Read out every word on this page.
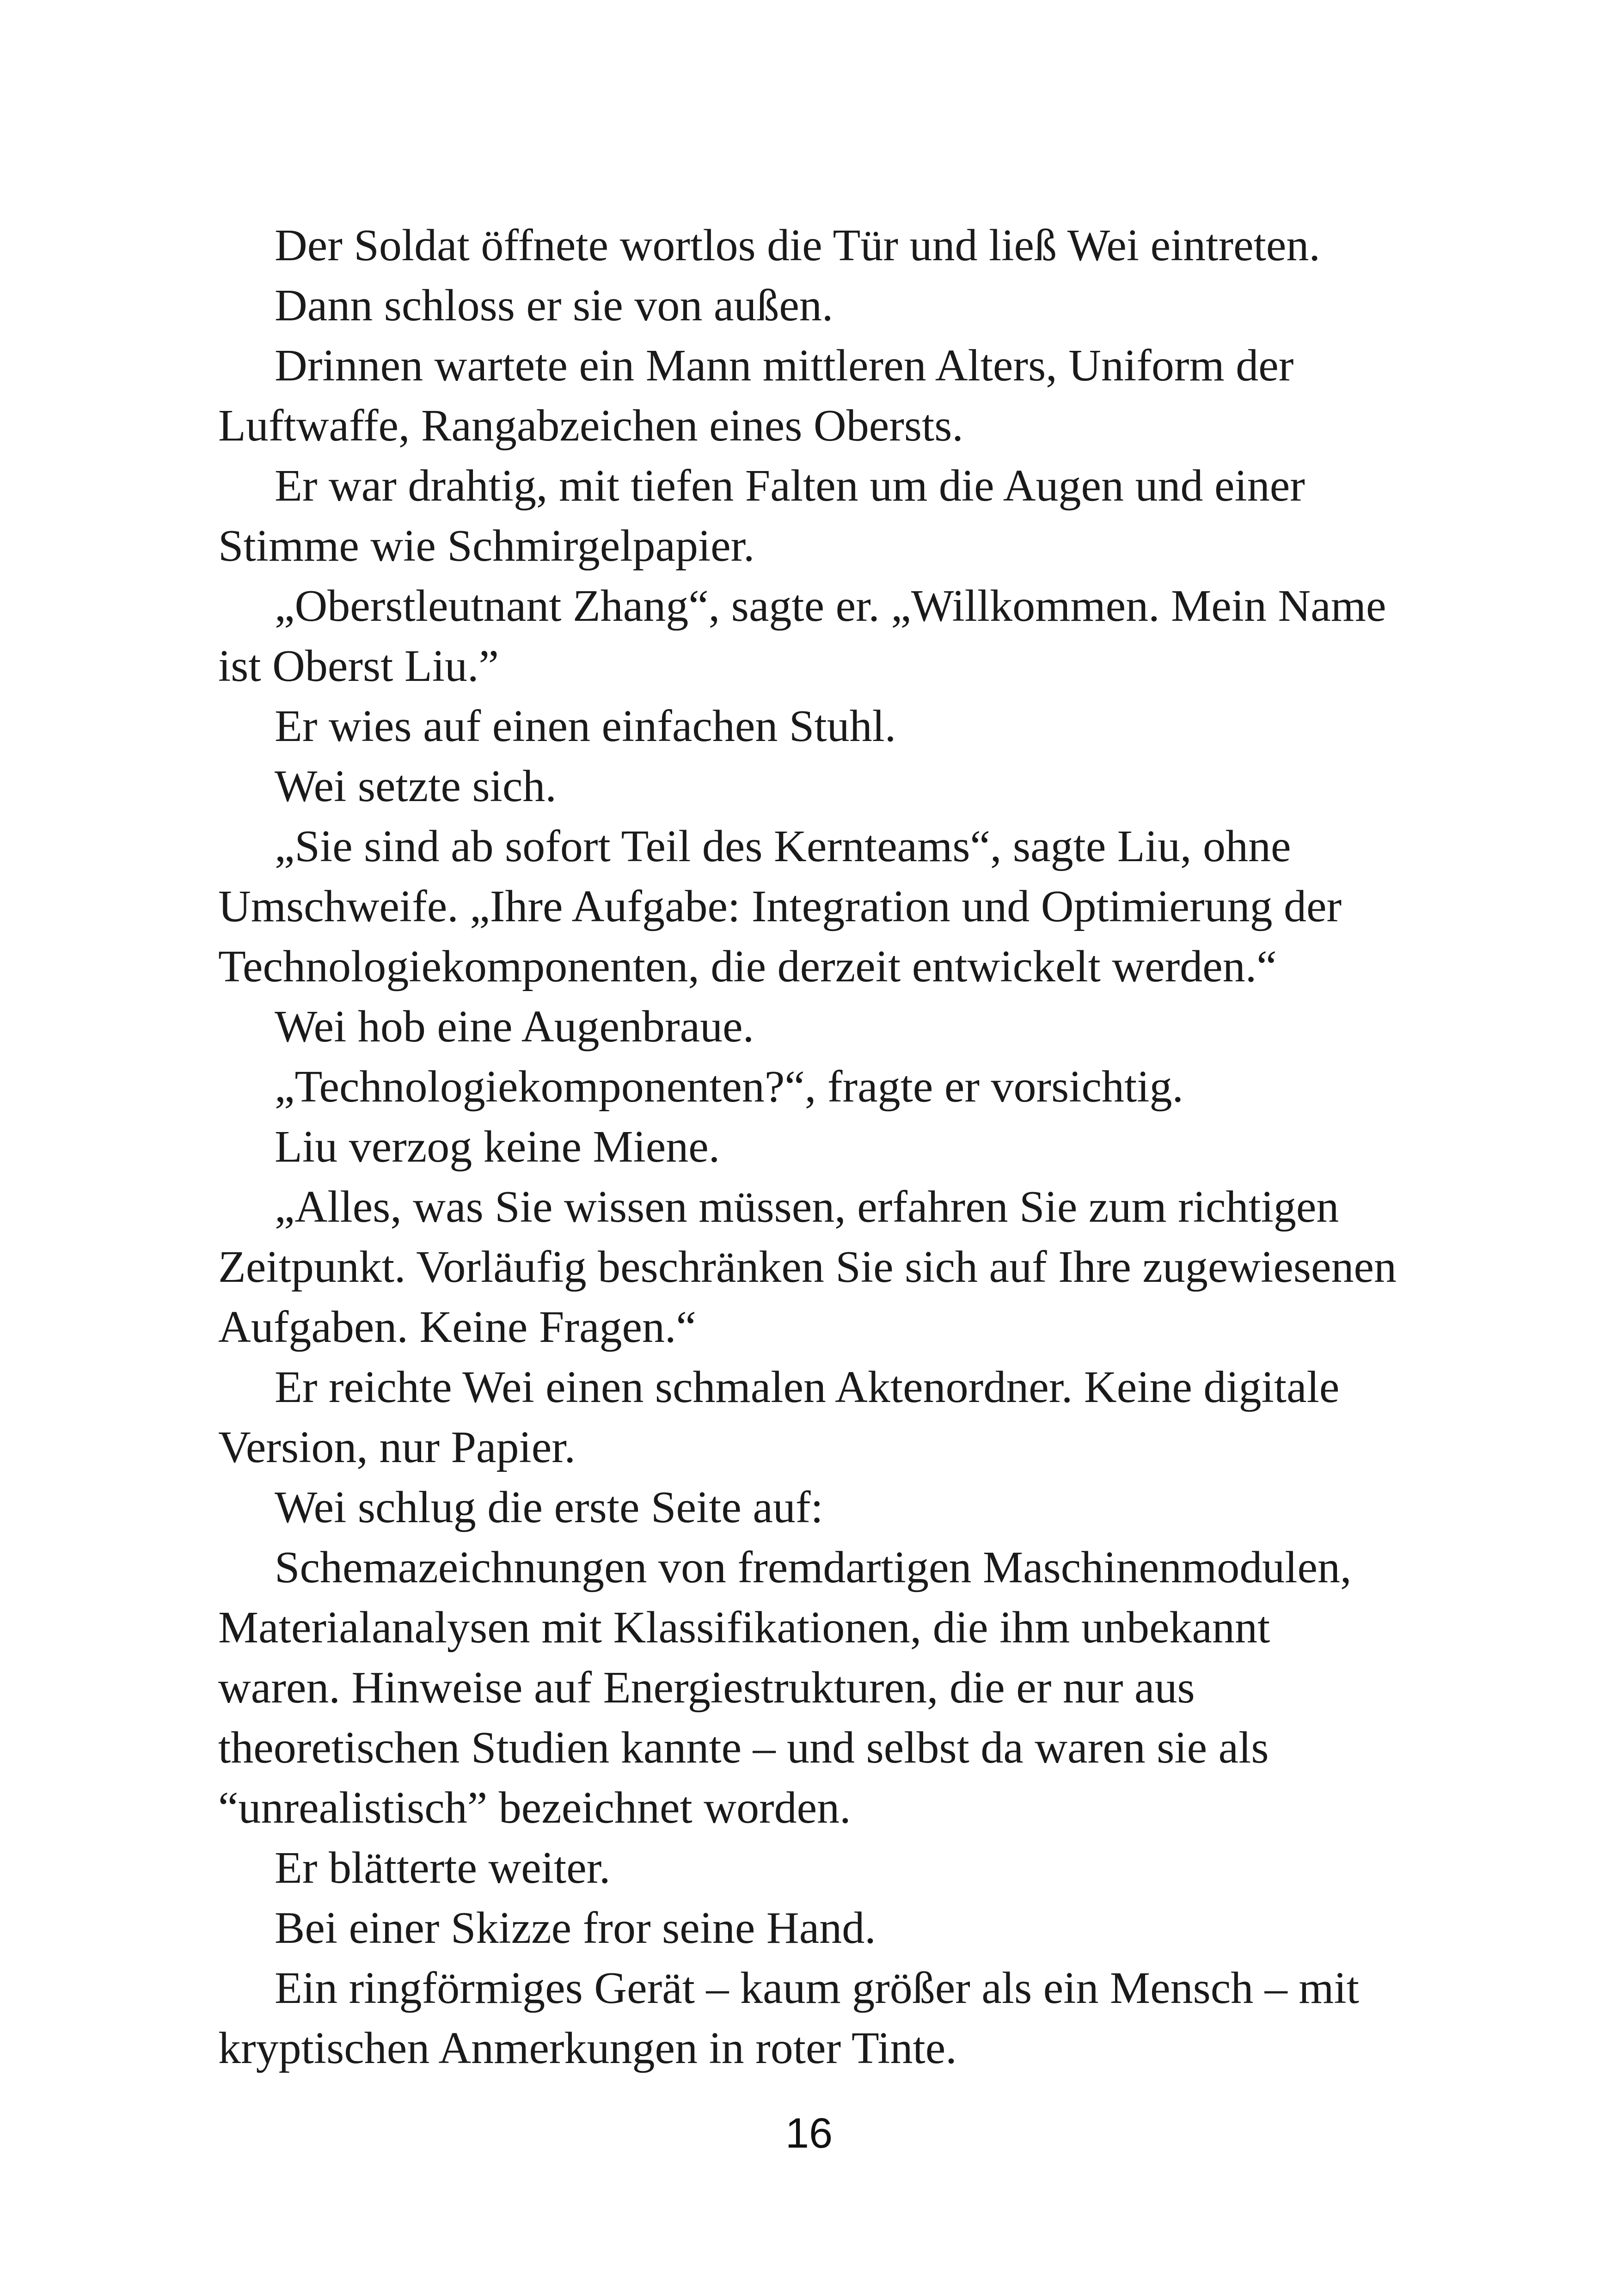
Der Soldat öffnete wortlos die Tür und ließ Wei eintreten.

Dann schloss er sie von außen.

Drinnen wartete ein Mann mittleren Alters, Uniform der Luftwaffe, Rangabzeichen eines Obersts.

Er war drahtig, mit tiefen Falten um die Augen und einer Stimme wie Schmirgelpapier.

„Oberstleutnant Zhang“, sagte er. „Willkommen. Mein Name ist Oberst Liu.”

Er wies auf einen einfachen Stuhl.

Wei setzte sich.

„Sie sind ab sofort Teil des Kernteams“, sagte Liu, ohne Umschweife. „Ihre Aufgabe: Integration und Optimierung der Technologiekomponenten, die derzeit entwickelt werden.“

Wei hob eine Augenbraue.

„Technologiekomponenten?“, fragte er vorsichtig.

Liu verzog keine Miene.

„Alles, was Sie wissen müssen, erfahren Sie zum richtigen Zeitpunkt. Vorläufig beschränken Sie sich auf Ihre zugewiesenen Aufgaben. Keine Fragen.“

Er reichte Wei einen schmalen Aktenordner. Keine digitale Version, nur Papier.

Wei schlug die erste Seite auf:

Schemazeichnungen von fremdartigen Maschinenmodulen, Materialanalysen mit Klassifikationen, die ihm unbekannt waren. Hinweise auf Energiestrukturen, die er nur aus theoretischen Studien kannte – und selbst da waren sie als “unrealistisch” bezeichnet worden.

Er blätterte weiter.

Bei einer Skizze fror seine Hand.

Ein ringförmiges Gerät – kaum größer als ein Mensch – mit kryptischen Anmerkungen in roter Tinte.

16
